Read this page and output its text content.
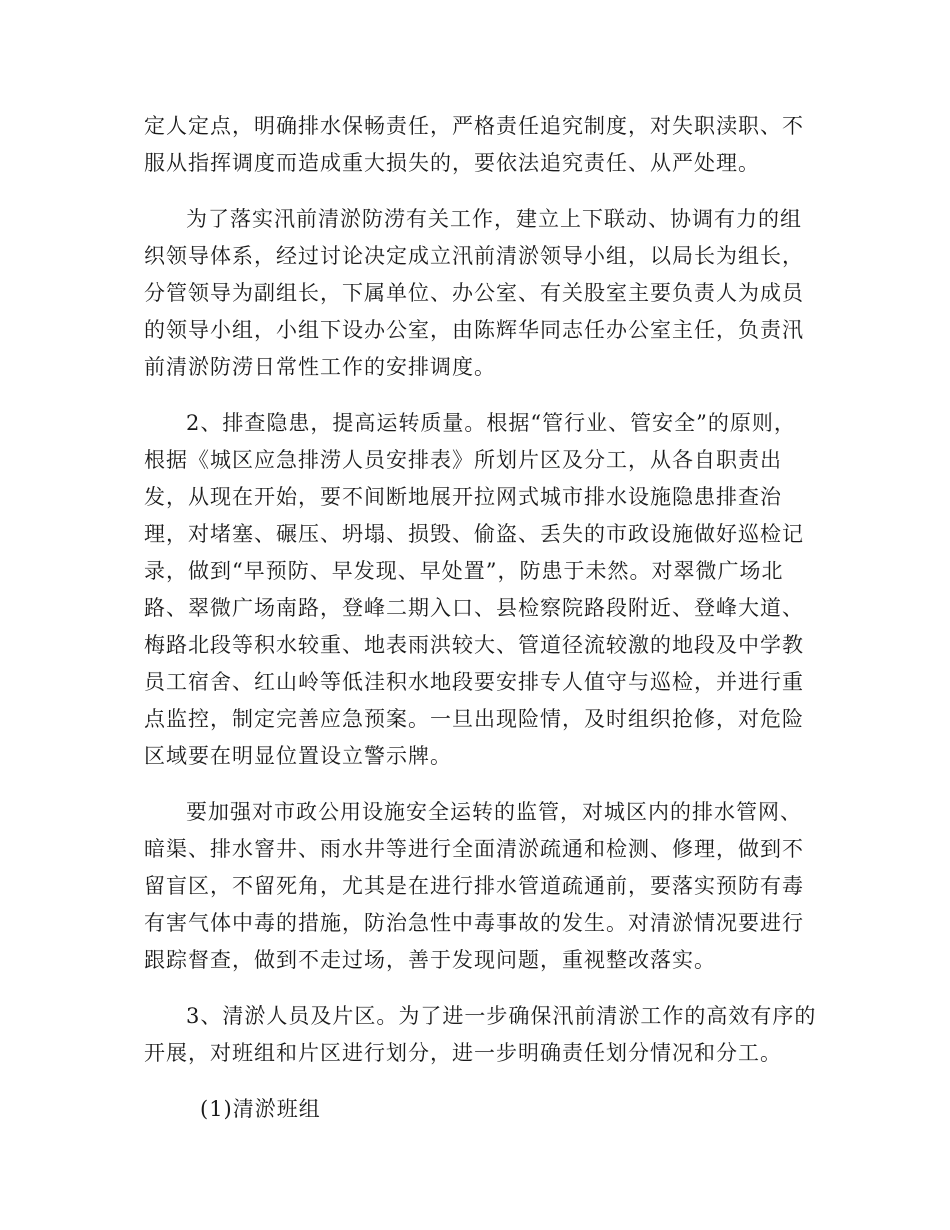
定人定点，明确排水保畅责任，严格责任追究制度，对失职渎职、不
服从指挥调度而造成重大损失的，要依法追究责任、从严处理。
为了落实汛前清淤防涝有关工作，建立上下联动、协调有力的组
织领导体系，经过讨论决定成立汛前清淤领导小组，以局长为组长，
分管领导为副组长，下属单位、办公室、有关股室主要负责人为成员
的领导小组，小组下设办公室，由陈辉华同志任办公室主任，负责汛
前清淤防涝日常性工作的安排调度。
2、排查隐患，提高运转质量。根据“管行业、管安全”的原则，
根据《城区应急排涝人员安排表》所划片区及分工，从各自职责出
发，从现在开始，要不间断地展开拉网式城市排水设施隐患排查治
理，对堵塞、碾压、坍塌、损毁、偷盗、丢失的市政设施做好巡检记
录，做到“早预防、早发现、早处置”，防患于未然。对翠微广场北
路、翠微广场南路，登峰二期入口、县检察院路段附近、登峰大道、
梅路北段等积水较重、地表雨洪较大、管道径流较激的地段及中学教
员工宿舍、红山岭等低洼积水地段要安排专人值守与巡检，并进行重
点监控，制定完善应急预案。一旦出现险情，及时组织抢修，对危险
区域要在明显位置设立警示牌。
要加强对市政公用设施安全运转的监管，对城区内的排水管网、
暗渠、排水窨井、雨水井等进行全面清淤疏通和检测、修理，做到不
留盲区，不留死角，尤其是在进行排水管道疏通前，要落实预防有毒
有害气体中毒的措施，防治急性中毒事故的发生。对清淤情况要进行
跟踪督查，做到不走过场，善于发现问题，重视整改落实。
3、清淤人员及片区。为了进一步确保汛前清淤工作的高效有序的
开展，对班组和片区进行划分，进一步明确责任划分情况和分工。
(1)清淤班组
